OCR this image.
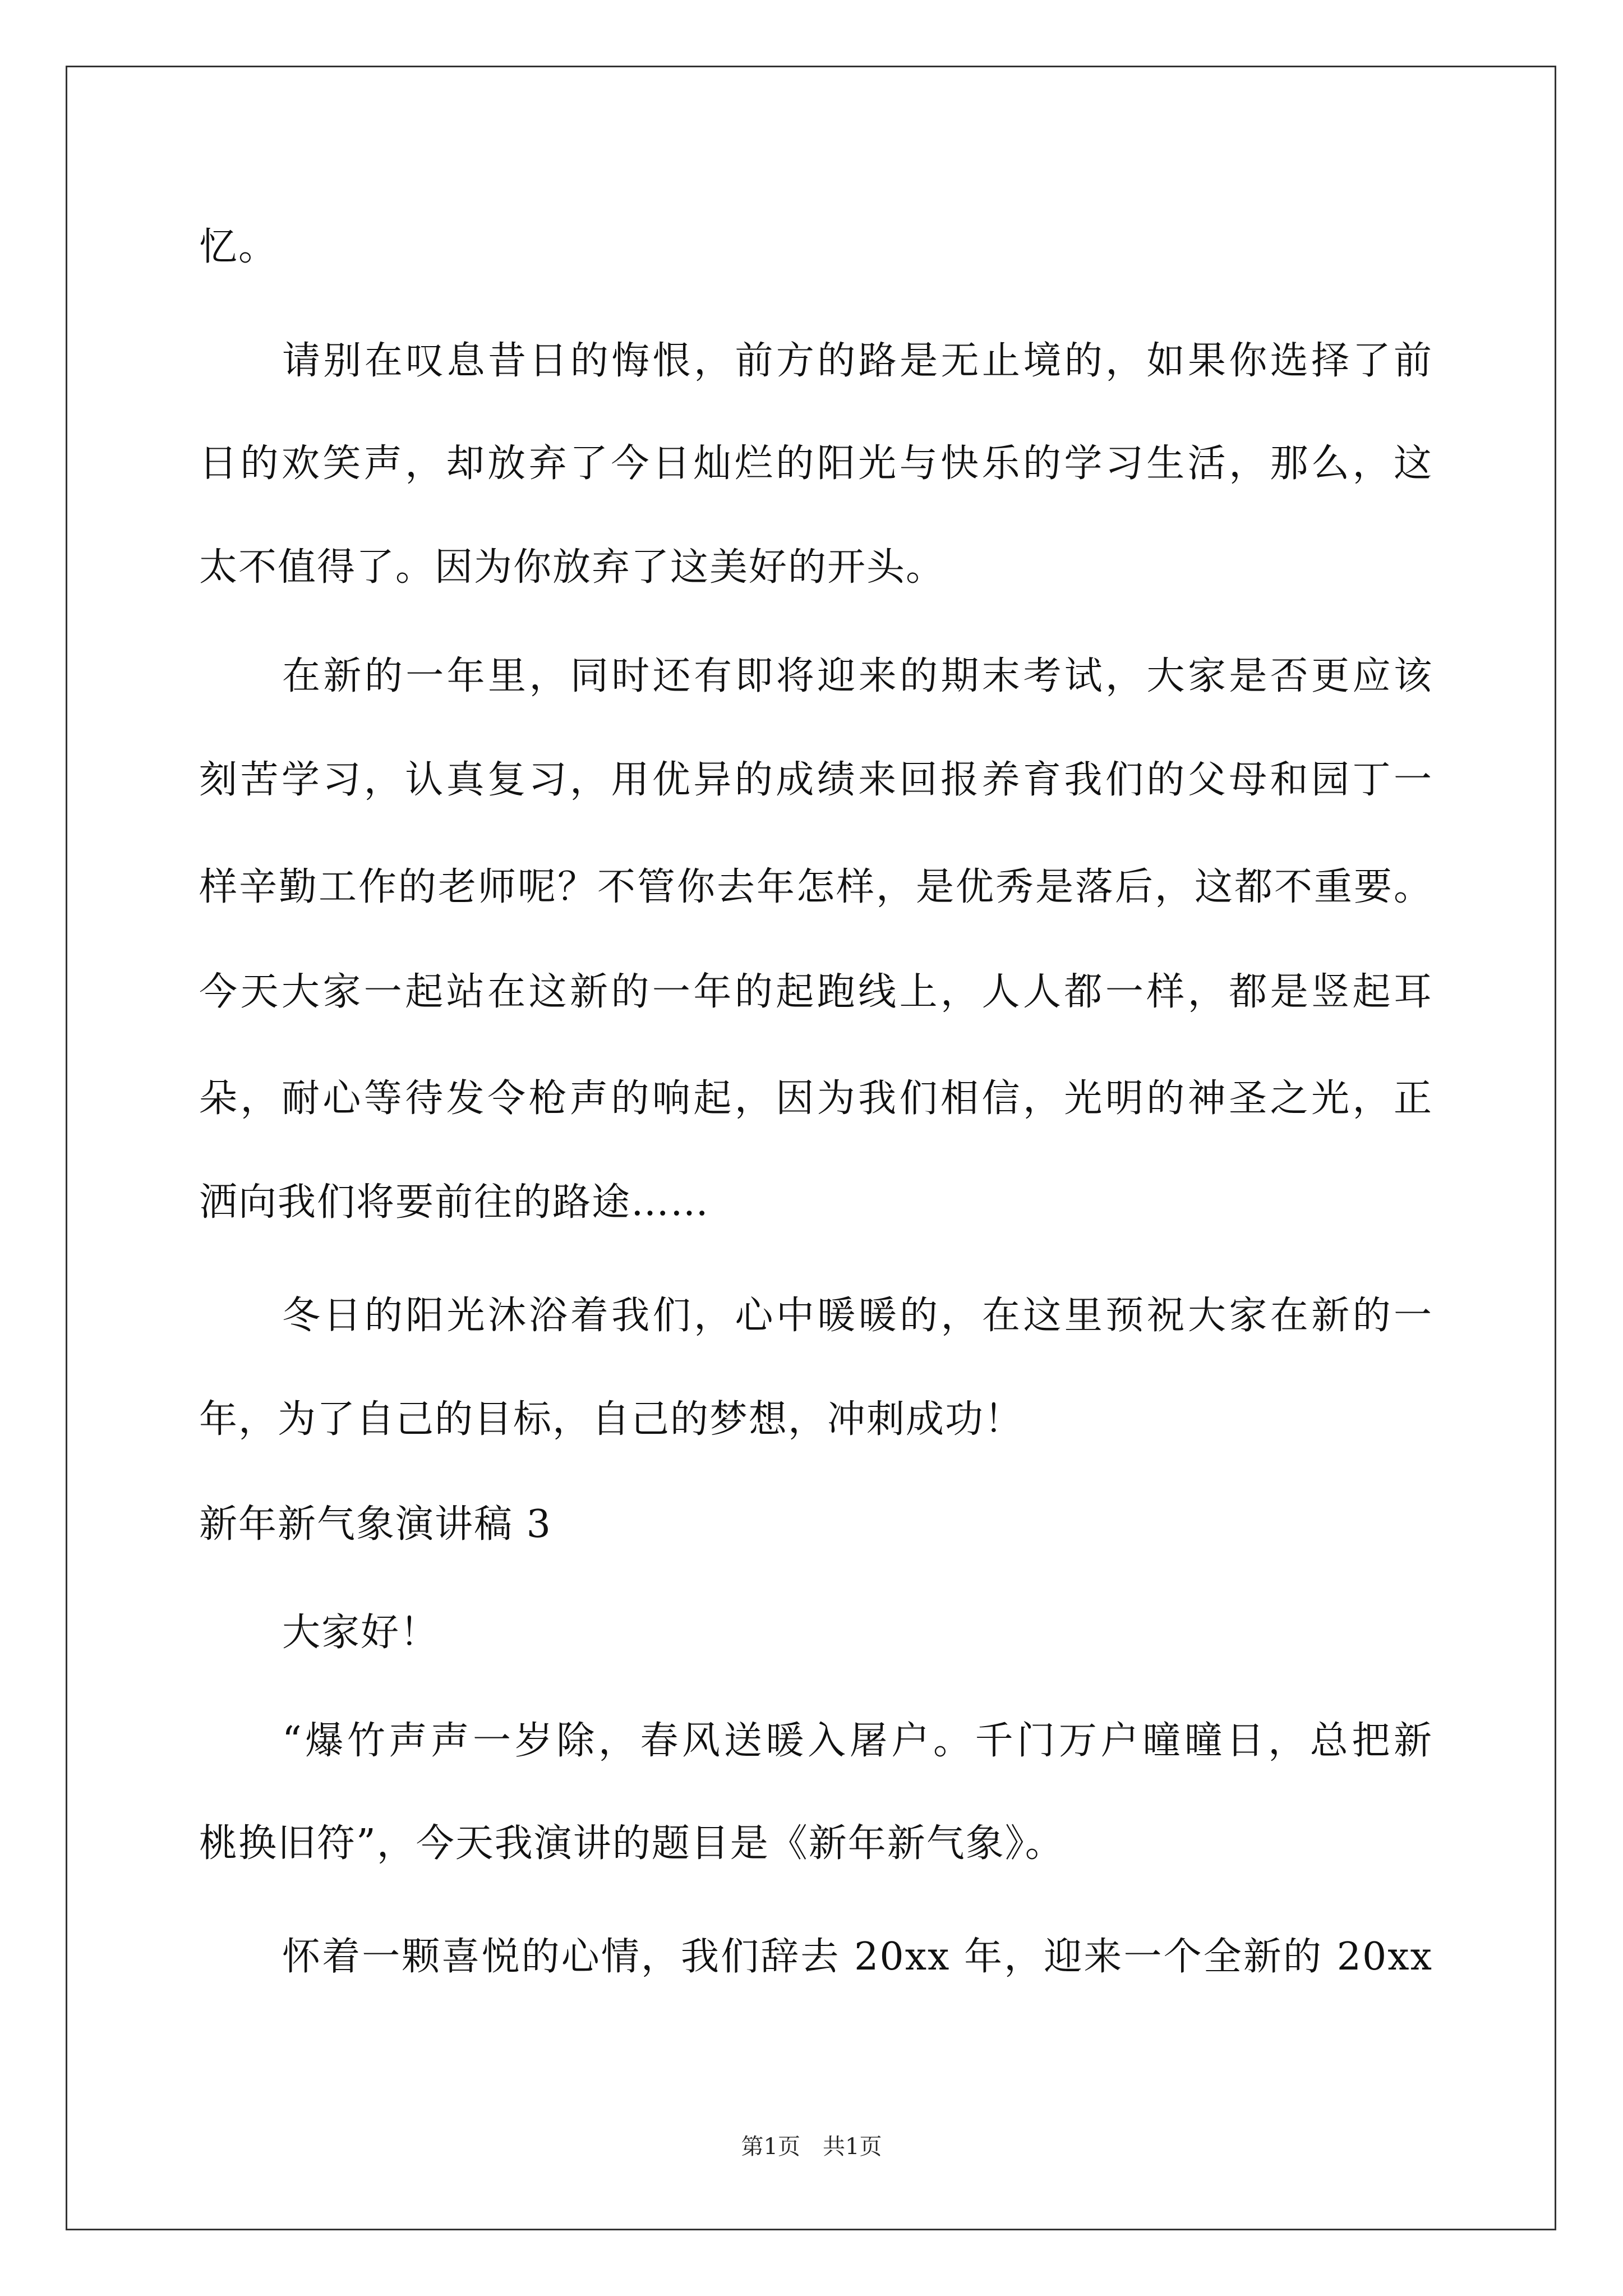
忆。
请别在叹息昔日的悔恨，前方的路是无止境的，如果你选择了前
日的欢笑声，却放弃了今日灿烂的阳光与快乐的学习生活，那么，这
太不值得了。因为你放弃了这美好的开头。
在新的一年里，同时还有即将迎来的期末考试，大家是否更应该
刻苦学习，认真复习，用优异的成绩来回报养育我们的父母和园丁一
样辛勤工作的老师呢？不管你去年怎样，是优秀是落后，这都不重要。
今天大家一起站在这新的一年的起跑线上，人人都一样，都是竖起耳
朵，耐心等待发令枪声的响起，因为我们相信，光明的神圣之光，正
洒向我们将要前往的路途……
冬日的阳光沐浴着我们，心中暖暖的，在这里预祝大家在新的一
年，为了自己的目标，自己的梦想，冲刺成功！
新年新气象演讲稿 3
大家好！
“爆竹声声一岁除，春风送暖入屠户。千门万户曈曈日，总把新
桃换旧符”，今天我演讲的题目是《新年新气象》。
怀着一颗喜悦的心情，我们辞去 20xx 年，迎来一个全新的 20xx
第1页　共1页
